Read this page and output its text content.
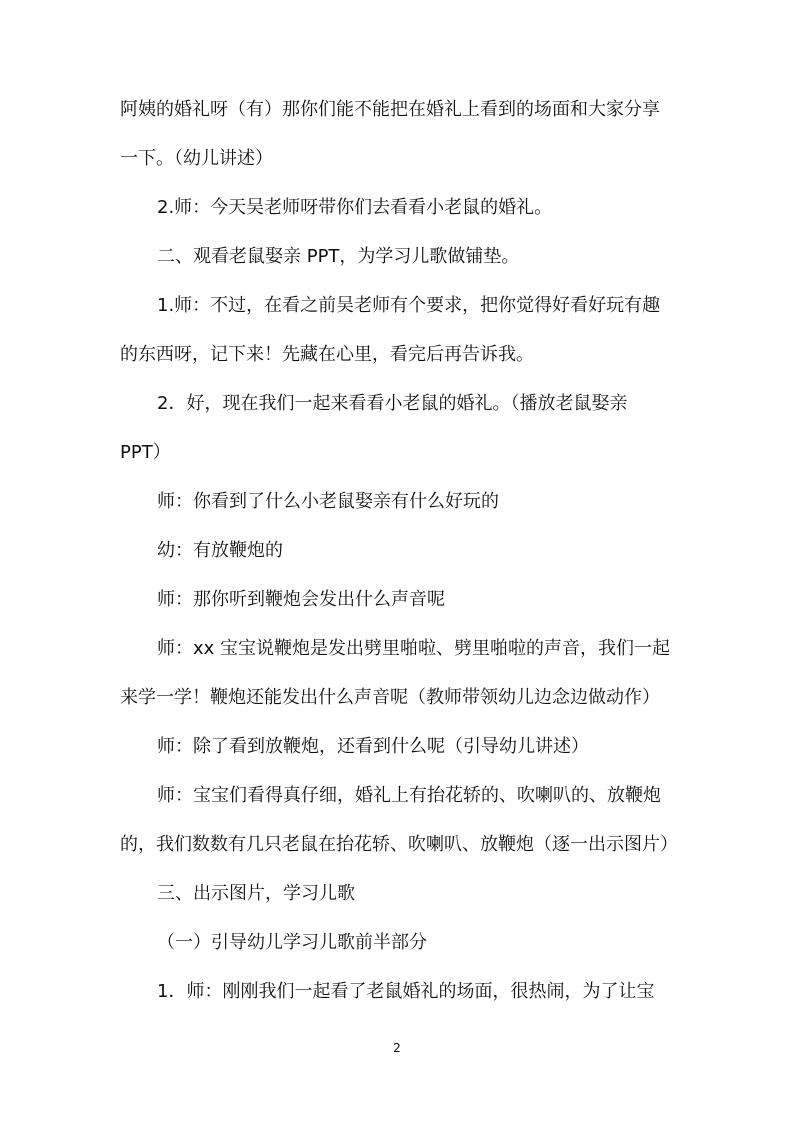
阿姨的婚礼呀（有）那你们能不能把在婚礼上看到的场面和大家分享
一下。（幼儿讲述）
2.师：今天吴老师呀带你们去看看小老鼠的婚礼。
二、观看老鼠娶亲 PPT，为学习儿歌做铺垫。
1.师：不过，在看之前吴老师有个要求，把你觉得好看好玩有趣
的东西呀，记下来！先藏在心里，看完后再告诉我。
2．好，现在我们一起来看看小老鼠的婚礼。（播放老鼠娶亲
PPT）
师：你看到了什么小老鼠娶亲有什么好玩的
幼：有放鞭炮的
师：那你听到鞭炮会发出什么声音呢
师：xx 宝宝说鞭炮是发出劈里啪啦、劈里啪啦的声音，我们一起
来学一学！鞭炮还能发出什么声音呢（教师带领幼儿边念边做动作）
师：除了看到放鞭炮，还看到什么呢（引导幼儿讲述）
师：宝宝们看得真仔细，婚礼上有抬花轿的、吹喇叭的、放鞭炮
的，我们数数有几只老鼠在抬花轿、吹喇叭、放鞭炮（逐一出示图片）
三、出示图片，学习儿歌
（一）引导幼儿学习儿歌前半部分
1．师：刚刚我们一起看了老鼠婚礼的场面，很热闹，为了让宝
2
